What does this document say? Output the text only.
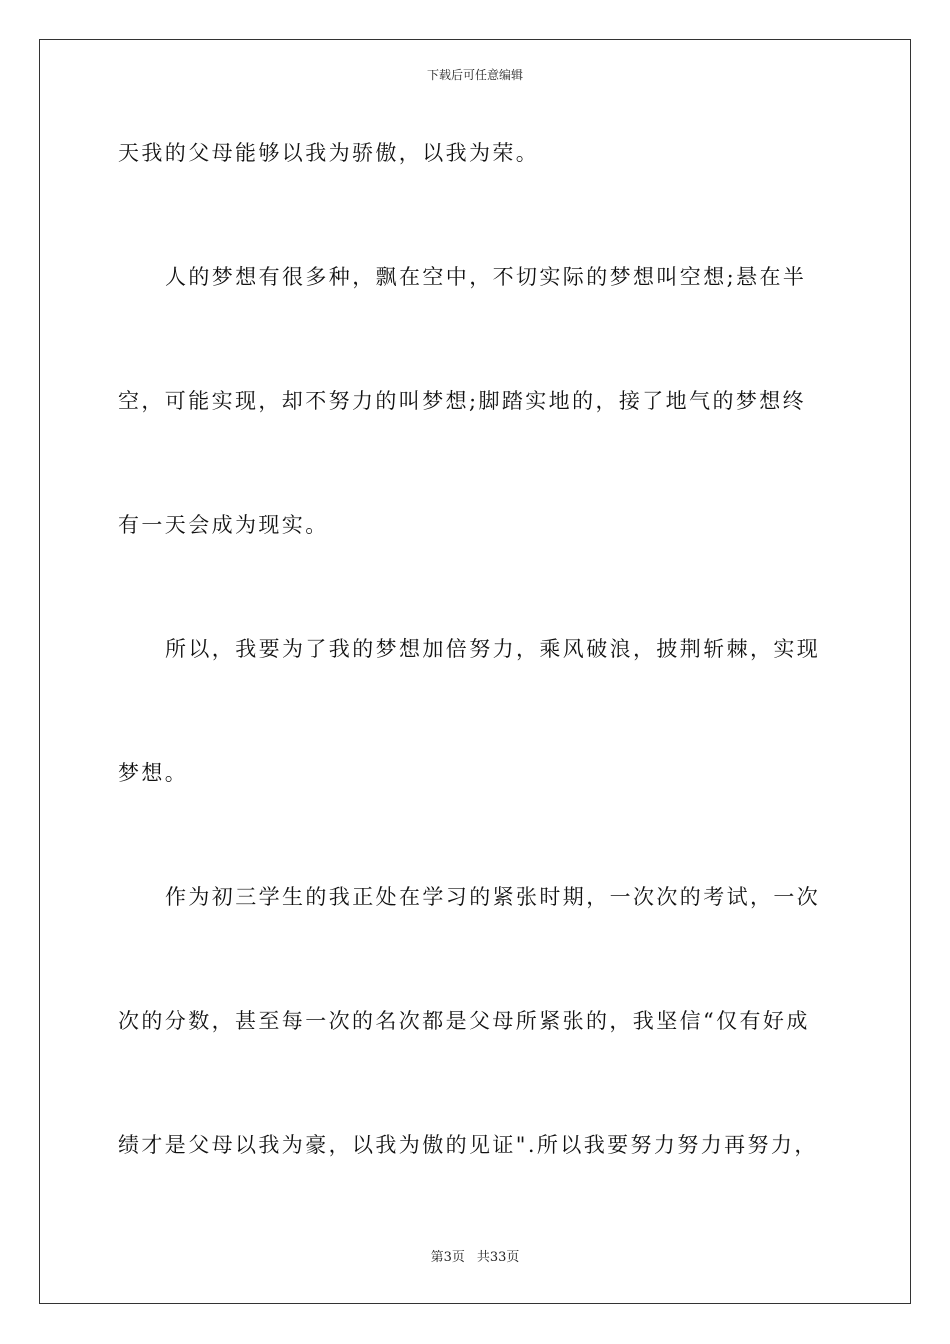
下载后可任意编辑
天我的父母能够以我为骄傲，以我为荣。
人的梦想有很多种，飘在空中，不切实际的梦想叫空想;悬在半
空，可能实现，却不努力的叫梦想;脚踏实地的，接了地气的梦想终
有一天会成为现实。
所以，我要为了我的梦想加倍努力，乘风破浪，披荆斩棘，实现
梦想。
作为初三学生的我正处在学习的紧张时期，一次次的考试，一次
次的分数，甚至每一次的名次都是父母所紧张的，我坚信“仅有好成
绩才是父母以我为豪，以我为傲的见证".所以我要努力努力再努力，
第3页 共33页
